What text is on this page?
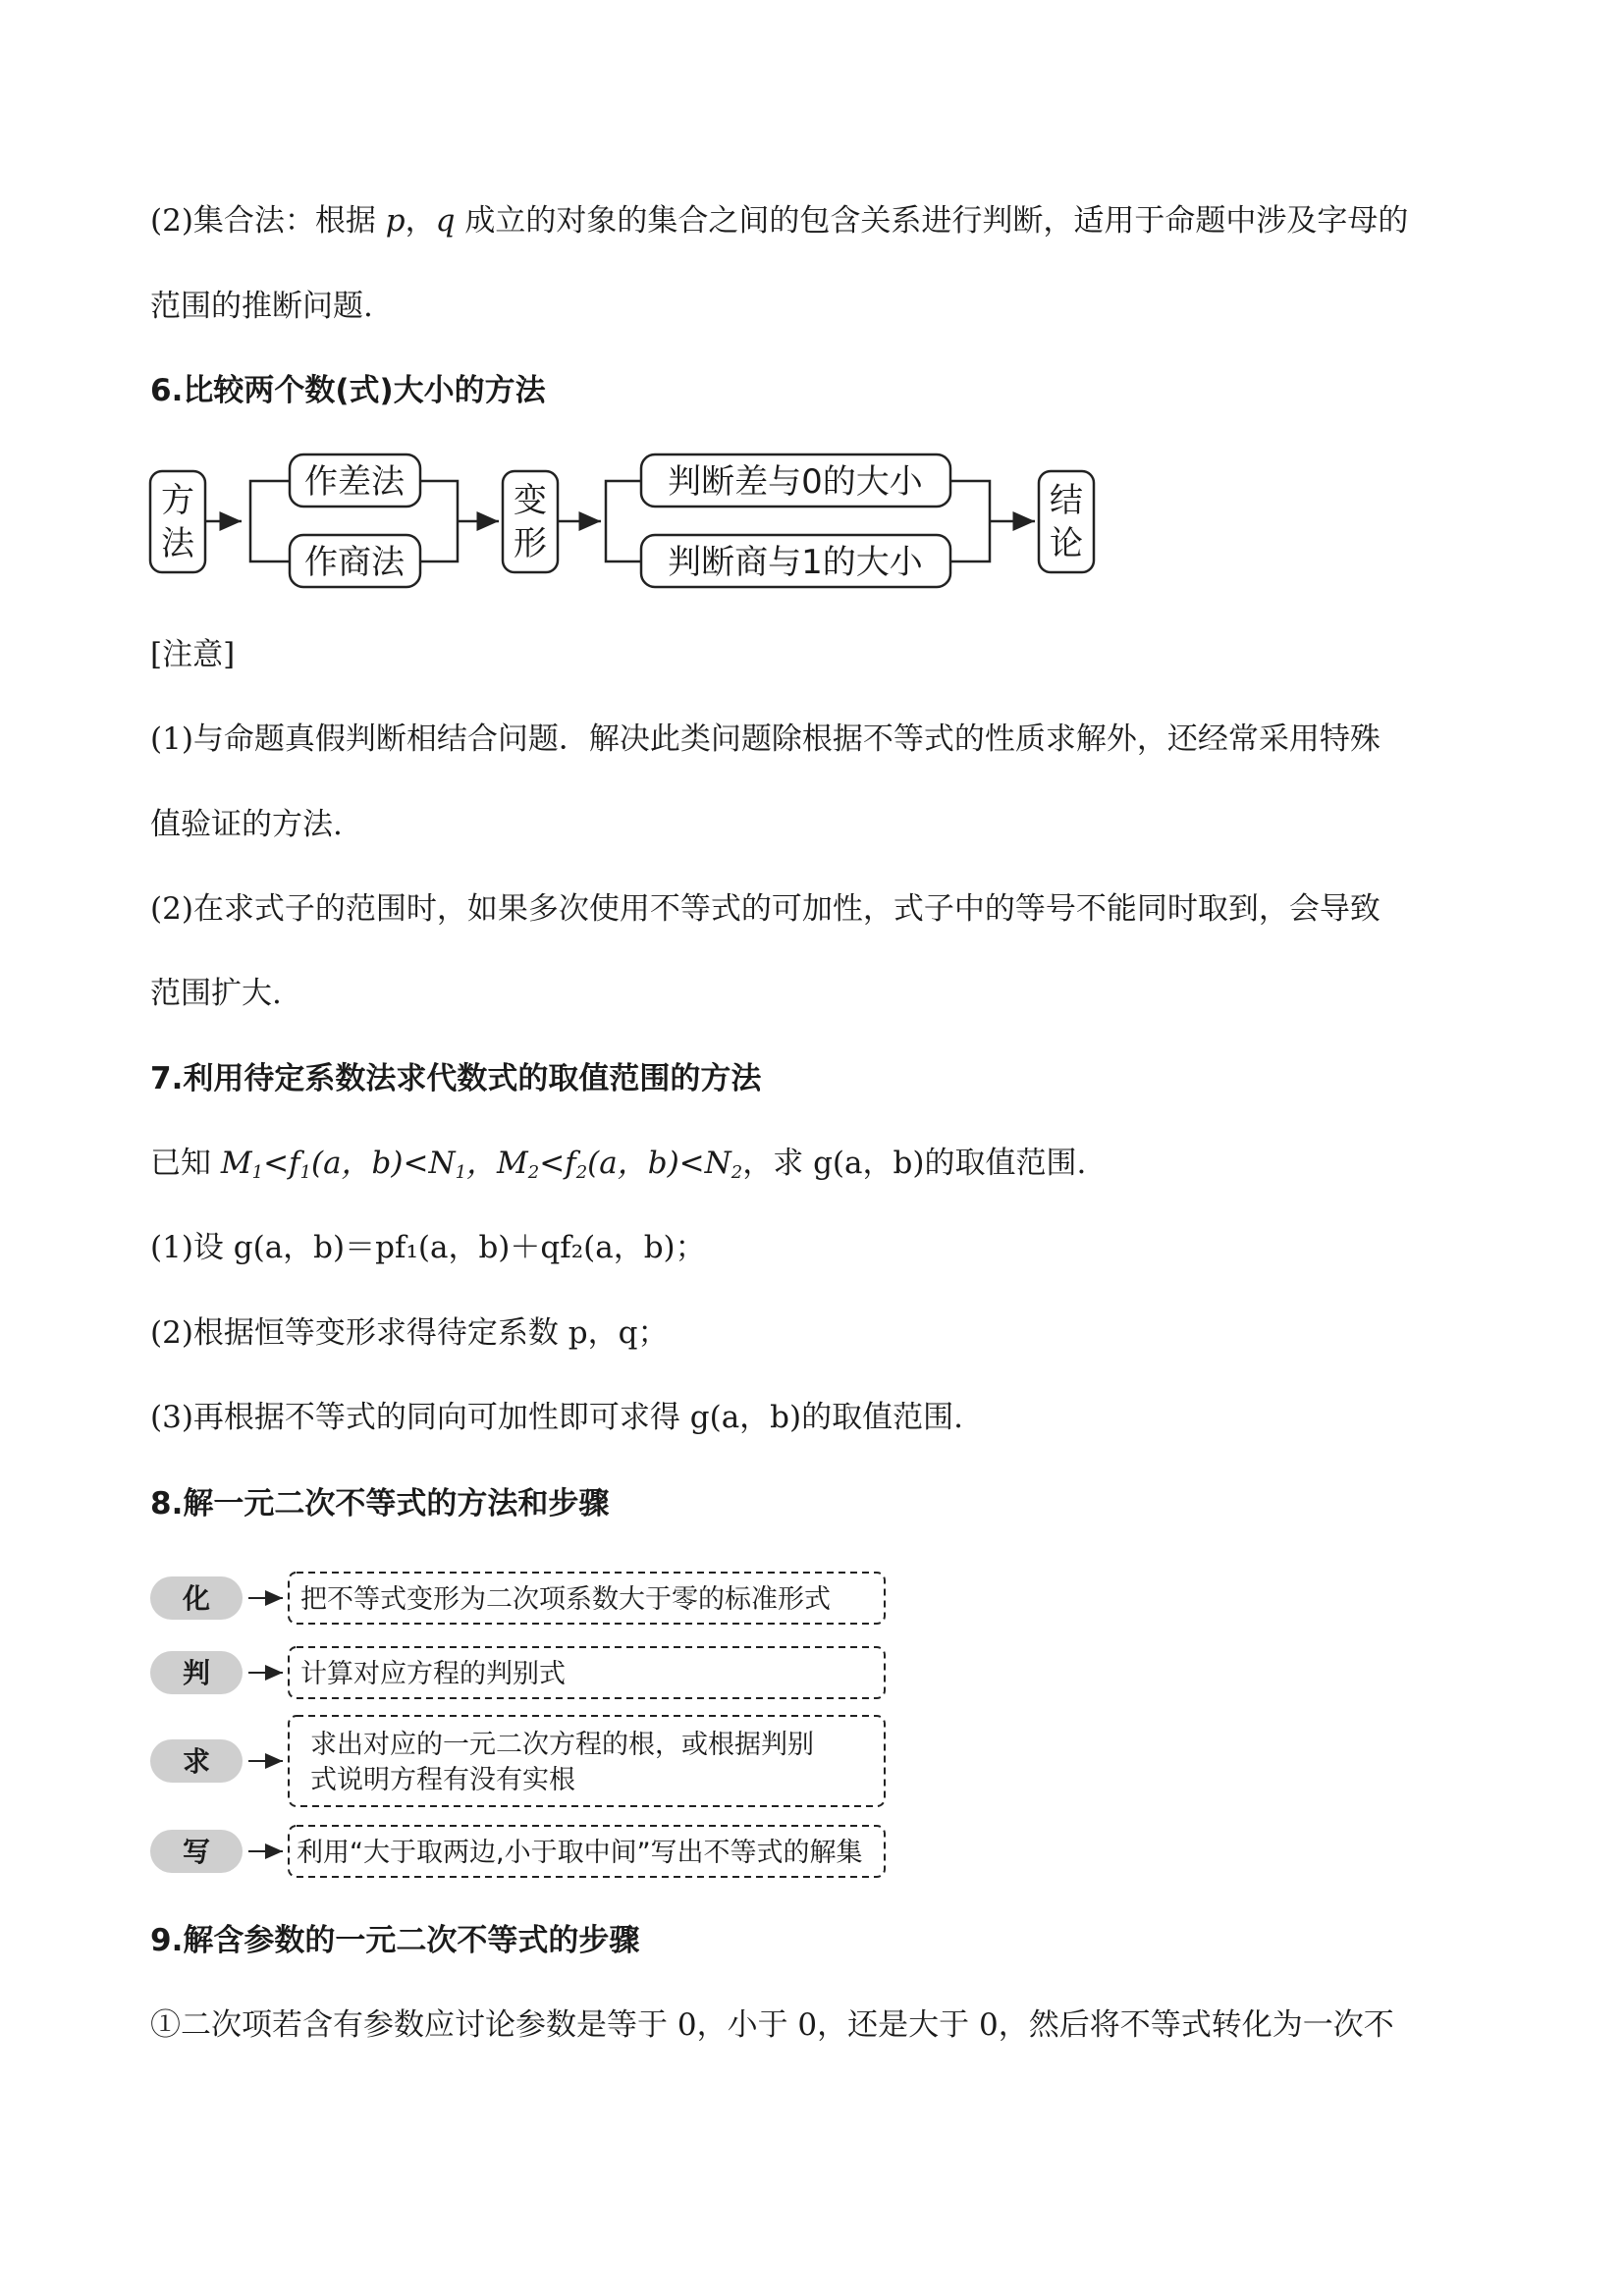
(2)集合法：根据 p，q 成立的对象的集合之间的包含关系进行判断，适用于命题中涉及字母的
范围的推断问题.
6.比较两个数(式)大小的方法
方
法
作差法
作商法
变
形
判断差与0的大小
判断商与1的大小
结
论
[注意]
(1)与命题真假判断相结合问题．解决此类问题除根据不等式的性质求解外，还经常采用特殊
值验证的方法.
(2)在求式子的范围时，如果多次使用不等式的可加性，式子中的等号不能同时取到，会导致
范围扩大.
7.利用待定系数法求代数式的取值范围的方法
已知 $M_1<f_1(a$，$b)<N_1$，$M_2<f_2(a$，$b)<N_2$，求 g(a，b)的取值范围.
(1)设 g(a，b)＝pf₁(a，b)＋qf₂(a，b)；
(2)根据恒等变形求得待定系数 p，q；
(3)再根据不等式的同向可加性即可求得 g(a，b)的取值范围.
8.解一元二次不等式的方法和步骤
化
判
求
写
把不等式变形为二次项系数大于零的标准形式
计算对应方程的判别式
求出对应的一元二次方程的根，或根据判别
式说明方程有没有实根
利用“大于取两边,小于取中间”写出不等式的解集
9.解含参数的一元二次不等式的步骤
①二次项若含有参数应讨论参数是等于 0，小于 0，还是大于 0，然后将不等式转化为一次不
